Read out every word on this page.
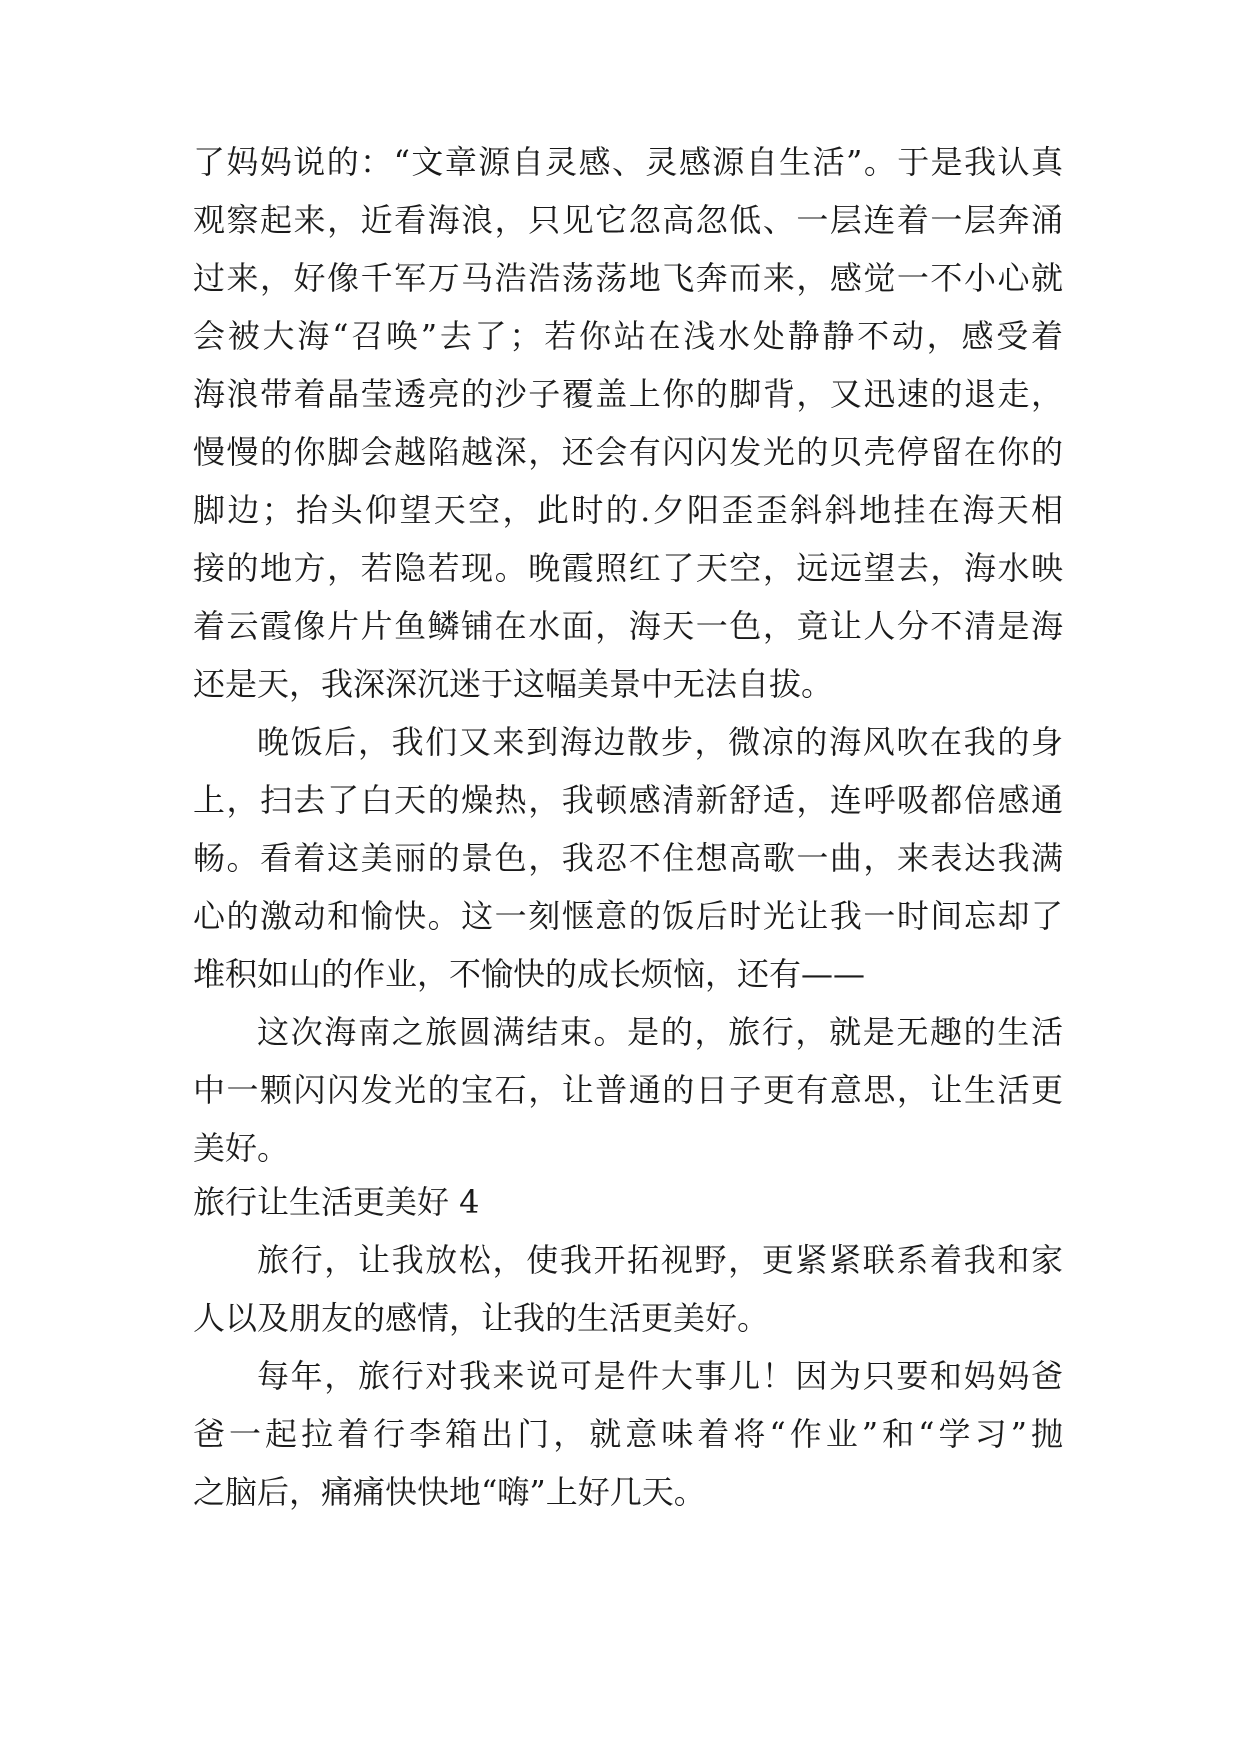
了妈妈说的：“文章源自灵感、灵感源自生活”。于是我认真
观察起来，近看海浪，只见它忽高忽低、一层连着一层奔涌
过来，好像千军万马浩浩荡荡地飞奔而来，感觉一不小心就
会被大海“召唤”去了；若你站在浅水处静静不动，感受着
海浪带着晶莹透亮的沙子覆盖上你的脚背，又迅速的退走，
慢慢的你脚会越陷越深，还会有闪闪发光的贝壳停留在你的
脚边；抬头仰望天空，此时的.夕阳歪歪斜斜地挂在海天相
接的地方，若隐若现。晚霞照红了天空，远远望去，海水映
着云霞像片片鱼鳞铺在水面，海天一色，竟让人分不清是海
还是天，我深深沉迷于这幅美景中无法自拔。
晚饭后，我们又来到海边散步，微凉的海风吹在我的身
上，扫去了白天的燥热，我顿感清新舒适，连呼吸都倍感通
畅。看着这美丽的景色，我忍不住想高歌一曲，来表达我满
心的激动和愉快。这一刻惬意的饭后时光让我一时间忘却了
堆积如山的作业，不愉快的成长烦恼，还有——
这次海南之旅圆满结束。是的，旅行，就是无趣的生活
中一颗闪闪发光的宝石，让普通的日子更有意思，让生活更
美好。
旅行让生活更美好 4
旅行，让我放松，使我开拓视野，更紧紧联系着我和家
人以及朋友的感情，让我的生活更美好。
每年，旅行对我来说可是件大事儿！因为只要和妈妈爸
爸一起拉着行李箱出门，就意味着将“作业”和“学习”抛
之脑后，痛痛快快地“嗨”上好几天。
